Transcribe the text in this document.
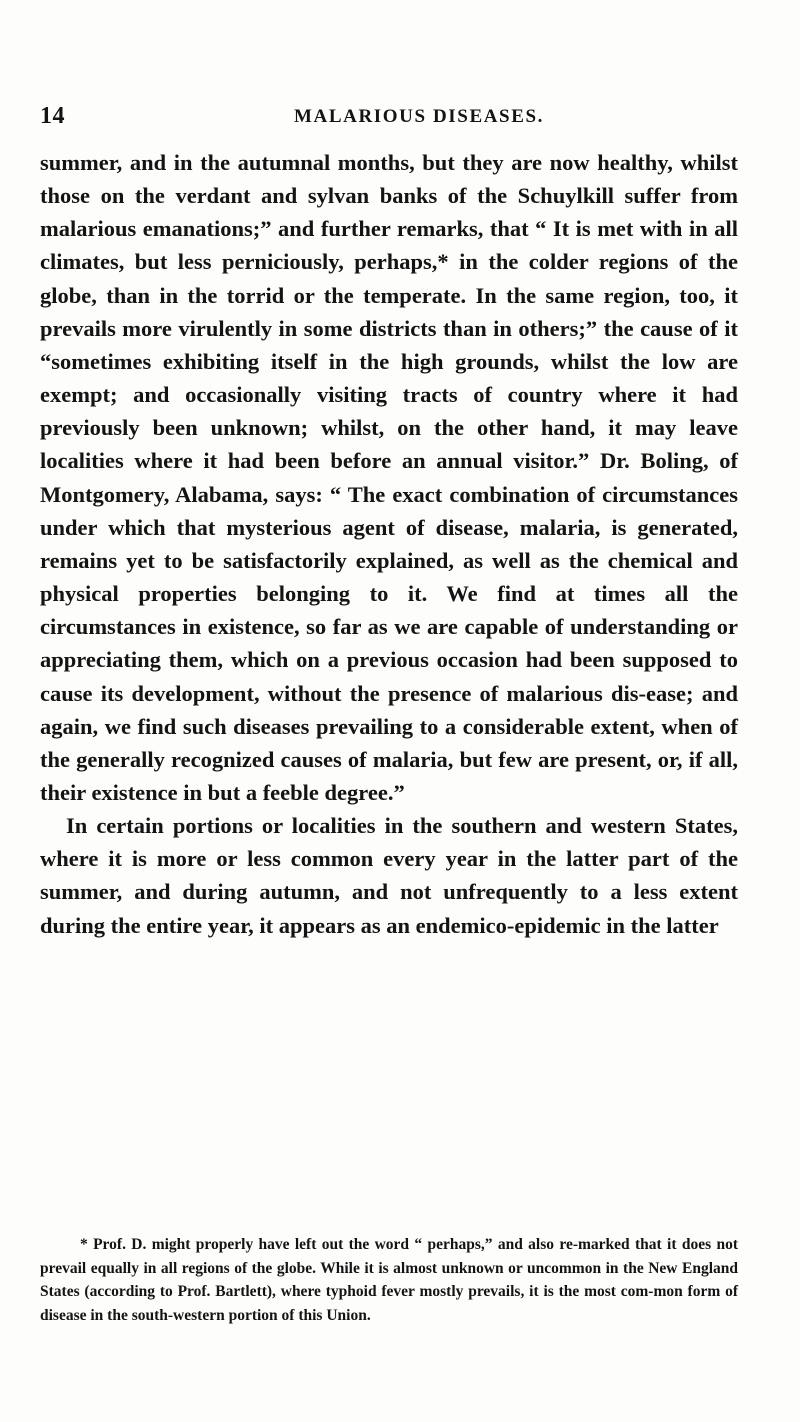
14	MALARIOUS DISEASES.

summer, and in the autumnal months, but they are now healthy, whilst those on the verdant and sylvan banks of the Schuylkill suffer from malarious emanations;” and further remarks, that “ It is met with in all climates, but less perniciously, perhaps,* in the colder regions of the globe, than in the torrid or the temperate. In the same region, too, it prevails more virulently in some districts than in others;” the cause of it “sometimes exhibiting itself in the high grounds, whilst the low are exempt; and occasionally visiting tracts of country where it had previously been unknown; whilst, on the other hand, it may leave localities where it had been before an annual visitor.” Dr. Boling, of Montgomery, Alabama, says: “ The exact combination of circumstances under which that mysterious agent of disease, malaria, is generated, remains yet to be satisfactorily explained, as well as the chemical and physical properties belonging to it. We find at times all the circumstances in existence, so far as we are capable of understanding or appreciating them, which on a previous occasion had been supposed to cause its development, without the presence of malarious dis-ease; and again, we find such diseases prevailing to a considerable extent, when of the generally recognized causes of malaria, but few are present, or, if all, their existence in but a feeble degree.”

In certain portions or localities in the southern and western States, where it is more or less common every year in the latter part of the summer, and during autumn, and not unfrequently to a less extent during the entire year, it appears as an endemico-epidemic in the latter

* Prof. D. might properly have left out the word “ perhaps,” and also re-marked that it does not prevail equally in all regions of the globe. While it is almost unknown or uncommon in the New England States (according to Prof. Bartlett), where typhoid fever mostly prevails, it is the most com-mon form of disease in the south-western portion of this Union.
